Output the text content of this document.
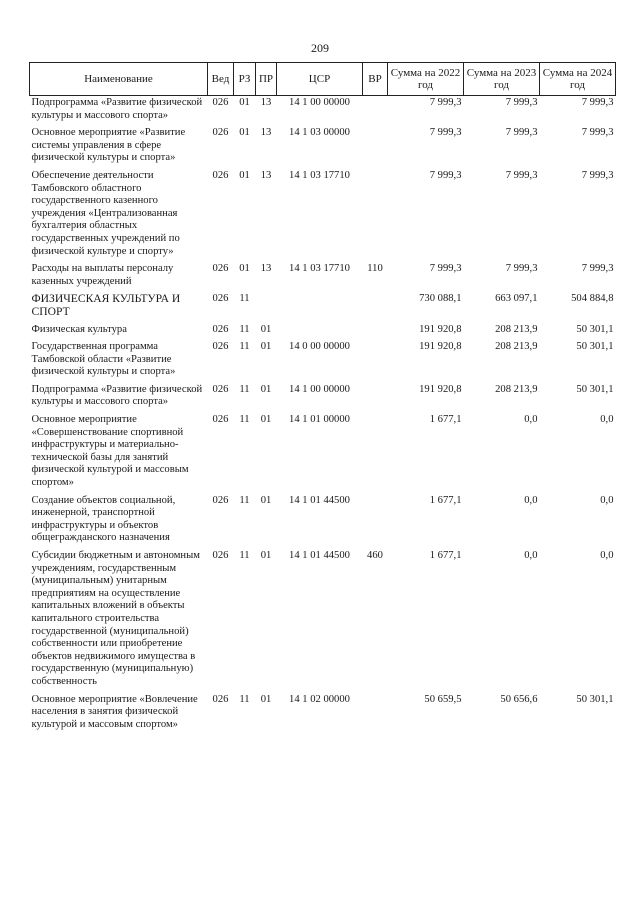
209
Наименование	Вед	РЗ	ПР	ЦСР	ВР	Сумма на 2022 год	Сумма на 2023 год	Сумма на 2024 год
Подпрограмма «Развитие физической культуры и массового спорта»	026	01	13	14 1 00 00000		7 999,3	7 999,3	7 999,3
Основное мероприятие «Развитие системы управления в сфере физической культуры и спорта»	026	01	13	14 1 03 00000		7 999,3	7 999,3	7 999,3
Обеспечение деятельности Тамбовского областного государственного казенного учреждения «Централизованная бухгалтерия областных государственных учреждений по физической культуре и спорту»	026	01	13	14 1 03 17710		7 999,3	7 999,3	7 999,3
Расходы на выплаты персоналу казенных учреждений	026	01	13	14 1 03 17710	110	7 999,3	7 999,3	7 999,3
ФИЗИЧЕСКАЯ КУЛЬТУРА И СПОРТ	026	11				730 088,1	663 097,1	504 884,8
Физическая культура	026	11	01			191 920,8	208 213,9	50 301,1
Государственная программа Тамбовской области «Развитие физической культуры и спорта»	026	11	01	14 0 00 00000		191 920,8	208 213,9	50 301,1
Подпрограмма «Развитие физической культуры и массового спорта»	026	11	01	14 1 00 00000		191 920,8	208 213,9	50 301,1
Основное мероприятие «Совершенствование спортивной инфраструктуры и материально-технической базы для занятий физической культурой и массовым спортом»	026	11	01	14 1 01 00000		1 677,1	0,0	0,0
Создание объектов социальной, инженерной, транспортной инфраструктуры и объектов общегражданского назначения	026	11	01	14 1 01 44500		1 677,1	0,0	0,0
Субсидии бюджетным и автономным учреждениям, государственным (муниципальным) унитарным предприятиям на осуществление капитальных вложений в объекты капитального строительства государственной (муниципальной) собственности или приобретение объектов недвижимого имущества в государственную (муниципальную) собственность	026	11	01	14 1 01 44500	460	1 677,1	0,0	0,0
Основное мероприятие «Вовлечение населения в занятия физической культурой и массовым спортом»	026	11	01	14 1 02 00000		50 659,5	50 656,6	50 301,1
